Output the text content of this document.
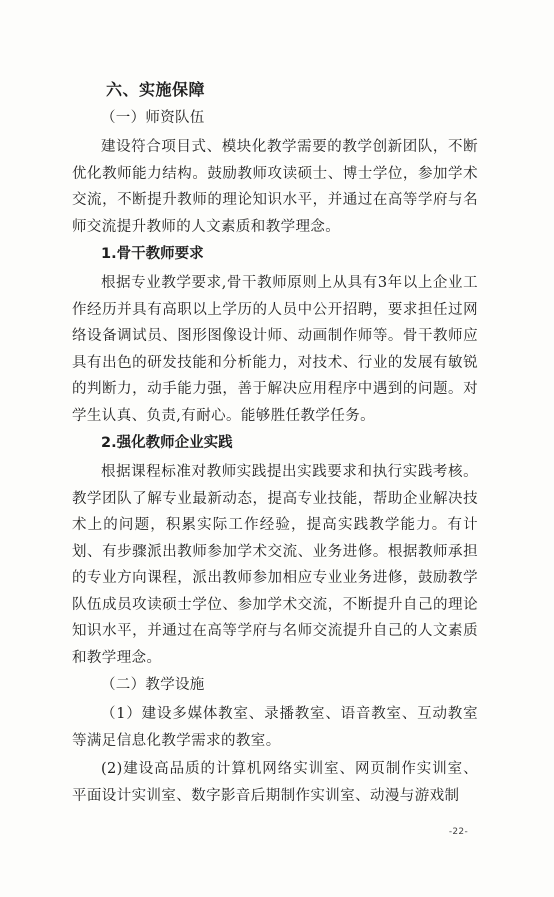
六、实施保障
（一）师资队伍

建设符合项目式、模块化教学需要的教学创新团队，不断优化教师能力结构。鼓励教师攻读硕士、博士学位，参加学术交流，不断提升教师的理论知识水平，并通过在高等学府与名师交流提升教师的人文素质和教学理念。

1.骨干教师要求

根据专业教学要求,骨干教师原则上从具有3年以上企业工作经历并具有高职以上学历的人员中公开招聘，要求担任过网络设备调试员、图形图像设计师、动画制作师等。骨干教师应具有出色的研发技能和分析能力，对技术、行业的发展有敏锐的判断力，动手能力强，善于解决应用程序中遇到的问题。对学生认真、负责,有耐心。能够胜任教学任务。

2.强化教师企业实践

根据课程标准对教师实践提出实践要求和执行实践考核。教学团队了解专业最新动态，提高专业技能，帮助企业解决技术上的问题，积累实际工作经验，提高实践教学能力。有计划、有步骤派出教师参加学术交流、业务进修。根据教师承担的专业方向课程，派出教师参加相应专业业务进修，鼓励教学队伍成员攻读硕士学位、参加学术交流，不断提升自己的理论知识水平，并通过在高等学府与名师交流提升自己的人文素质和教学理念。

（二）教学设施

（1）建设多媒体教室、录播教室、语音教室、互动教室等满足信息化教学需求的教室。

(2)建设高品质的计算机网络实训室、网页制作实训室、平面设计实训室、数字影音后期制作实训室、动漫与游戏制

-22-
